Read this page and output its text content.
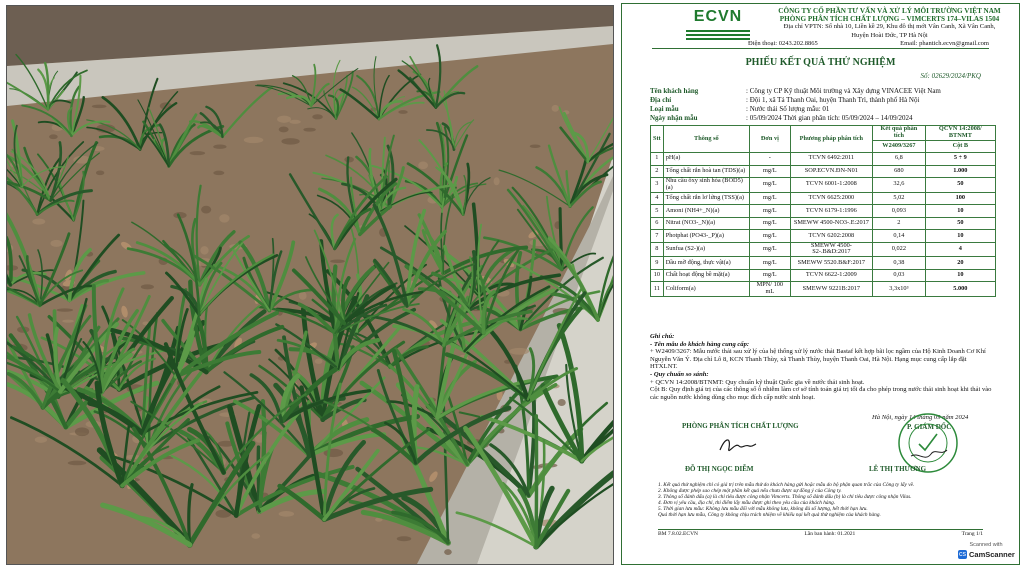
ECVN	CÔNG TY CỔ PHẦN TƯ VẤN VÀ XỬ LÝ MÔI TRƯỜNG VIỆT NAM
PHÒNG PHÂN TÍCH CHẤT LƯỢNG – VIMCERTS 174–VILAS 1504
Địa chỉ VPTN: Số nhà 10, Liền kề 29, Khu đô thị mới Vân Canh, Xã Vân Canh,
Huyện Hoài Đức, TP Hà Nội
Điện thoại: 0243.202.8865	Email: phantich.ecvn@gmail.com
PHIẾU KẾT QUẢ THỬ NGHIỆM
Số: 02629/2024/PKQ
Tên khách hàng	: Công ty CP Kỹ thuật Môi trường và Xây dựng VINACEE Việt Nam
Địa chỉ	: Đội 1, xã Tả Thanh Oai, huyện Thanh Trì, thành phố Hà Nội
Loại mẫu	: Nước thải Số lượng mẫu: 01
Ngày nhận mẫu	: 05/09/2024 Thời gian phân tích: 05/09/2024 – 14/09/2024
Stt	Thông số	Đơn vị	Phương pháp phân tích	Kết quả phân tích	QCVN 14:2008/ BTNMT
				W2409/3267	Cột B
1	pH(a)	-	TCVN 6492:2011	6,8	5 ÷ 9
2	Tổng chất rắn hoà tan (TDS)(a)	mg/L	SOP.ECVN.ĐN-N01	680	1.000
3	Nhu cầu ôxy sinh hóa (BOD5)(a)	mg/L	TCVN 6001-1:2008	32,6	50
4	Tổng chất rắn lơ lửng (TSS)(a)	mg/L	TCVN 6625:2000	5,02	100
5	Amoni (NH4+_N)(a)	mg/L	TCVN 6179-1:1996	0,093	10
6	Nitrat (NO3-_N)(a)	mg/L	SMEWW 4500-NO3-.E:2017	2	50
7	Photphat (PO43-_P)(a)	mg/L	TCVN 6202:2008	0,14	10
8	Sunfua (S2-)(a)	mg/L	SMEWW 4500-S2-.B&D:2017	0,022	4
9	Dầu mỡ động, thực vật(a)	mg/L	SMEWW 5520.B&F:2017	0,38	20
10	Chất hoạt động bề mặt(a)	mg/L	TCVN 6622-1:2009	0,03	10
11	Coliform(a)	MPN/ 100 mL	SMEWW 9221B:2017	3,3x10³	5.000
Ghi chú:
- Tên mẫu do khách hàng cung cấp:
+ W2409/3267: Mẫu nước thải sau xử lý của hệ thống xử lý nước thải Bastaf kết hợp bãi lọc ngầm của Hộ Kinh Doanh Cơ Khí Nguyễn Văn Ý. Địa chỉ Lô 8, KCN Thanh Thùy, xã Thanh Thùy, huyện Thanh Oai, Hà Nội. Hạng mục cung cấp lắp đặt HTXLNT.
- Quy chuẩn so sánh:
+ QCVN 14:2008/BTNMT: Quy chuẩn kỹ thuật Quốc gia về nước thải sinh hoạt.
Cột B: Quy định giá trị của các thông số ô nhiễm làm cơ sở tính toán giá trị tối đa cho phép trong nước thải sinh hoạt khi thải vào các nguồn nước không dùng cho mục đích cấp nước sinh hoạt.
Hà Nội, ngày 14 tháng 09 năm 2024
PHÒNG PHÂN TÍCH CHẤT LƯỢNG	P. GIÁM ĐỐC
ĐỖ THỊ NGỌC DIỄM	LÊ THỊ THƯƠNG
1. Kết quả thử nghiệm chỉ có giá trị trên mẫu thử do khách hàng gửi hoặc mẫu do bộ phận quan trắc của Công ty lấy về.
2. Không được phép sao chép một phần kết quả nếu chưa được sự đồng ý của Công ty.
3. Thông số đánh dấu (a) là chỉ tiêu được công nhận Vimcerts. Thông số đánh dấu (b) là chỉ tiêu được công nhận Vilas.
4. Đơn vị yêu cầu, địa chỉ, thi điểm lấy mẫu được ghi theo yêu cầu của khách hàng.
5. Thời gian lưu mẫu: Không lưu mẫu đối với mẫu không lưu, không đủ số lượng, hết thời hạn lưu.
Quá thời hạn lưu mẫu, Công ty không chịu trách nhiệm về khiếu nại kết quả thử nghiệm của khách hàng.
BM 7.8.02.ECVN	Lần ban hành: 01.2021	Trang 1/1
Scanned with
cs CamScanner
